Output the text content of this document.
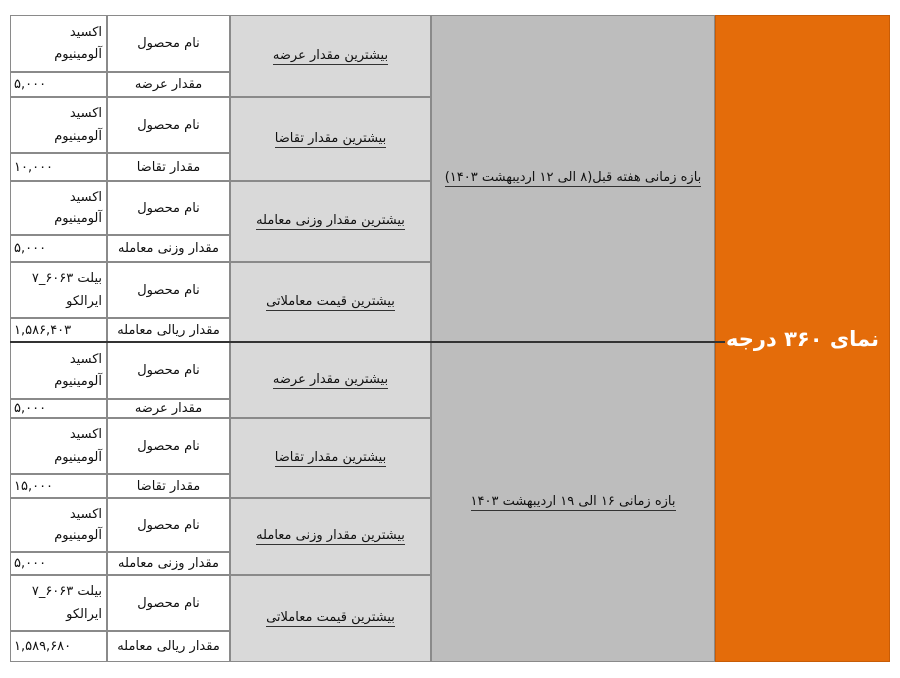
نمای ۳۶۰ درجه
بازه زمانی هفته قبل(۸ الی ۱۲ اردیبهشت ۱۴۰۳)
بیشترین مقدار عرضه
نام محصول
مقدار عرضه
اکسید
آلومینیوم
۵,۰۰۰
بیشترین مقدار تقاضا
نام محصول
مقدار تقاضا
اکسید
آلومینیوم
۱۰,۰۰۰
بیشترین مقدار وزنی معامله
نام محصول
مقدار وزنی معامله
اکسید
آلومینیوم
۵,۰۰۰
بیشترین قیمت معاملاتی
نام محصول
مقدار ریالی معامله
بیلت ۶۰۶۳_۷
ایرالکو
۱,۵۸۶,۴۰۳
بازه زمانی ۱۶ الی ۱۹ اردیبهشت ۱۴۰۳
بیشترین مقدار عرضه
نام محصول
مقدار عرضه
اکسید
آلومینیوم
۵,۰۰۰
بیشترین مقدار تقاضا
نام محصول
مقدار تقاضا
اکسید
آلومینیوم
۱۵,۰۰۰
بیشترین مقدار وزنی معامله
نام محصول
مقدار وزنی معامله
اکسید
آلومینیوم
۵,۰۰۰
بیشترین قیمت معاملاتی
نام محصول
مقدار ریالی معامله
بیلت ۶۰۶۳_۷
ایرالکو
۱,۵۸۹,۶۸۰
